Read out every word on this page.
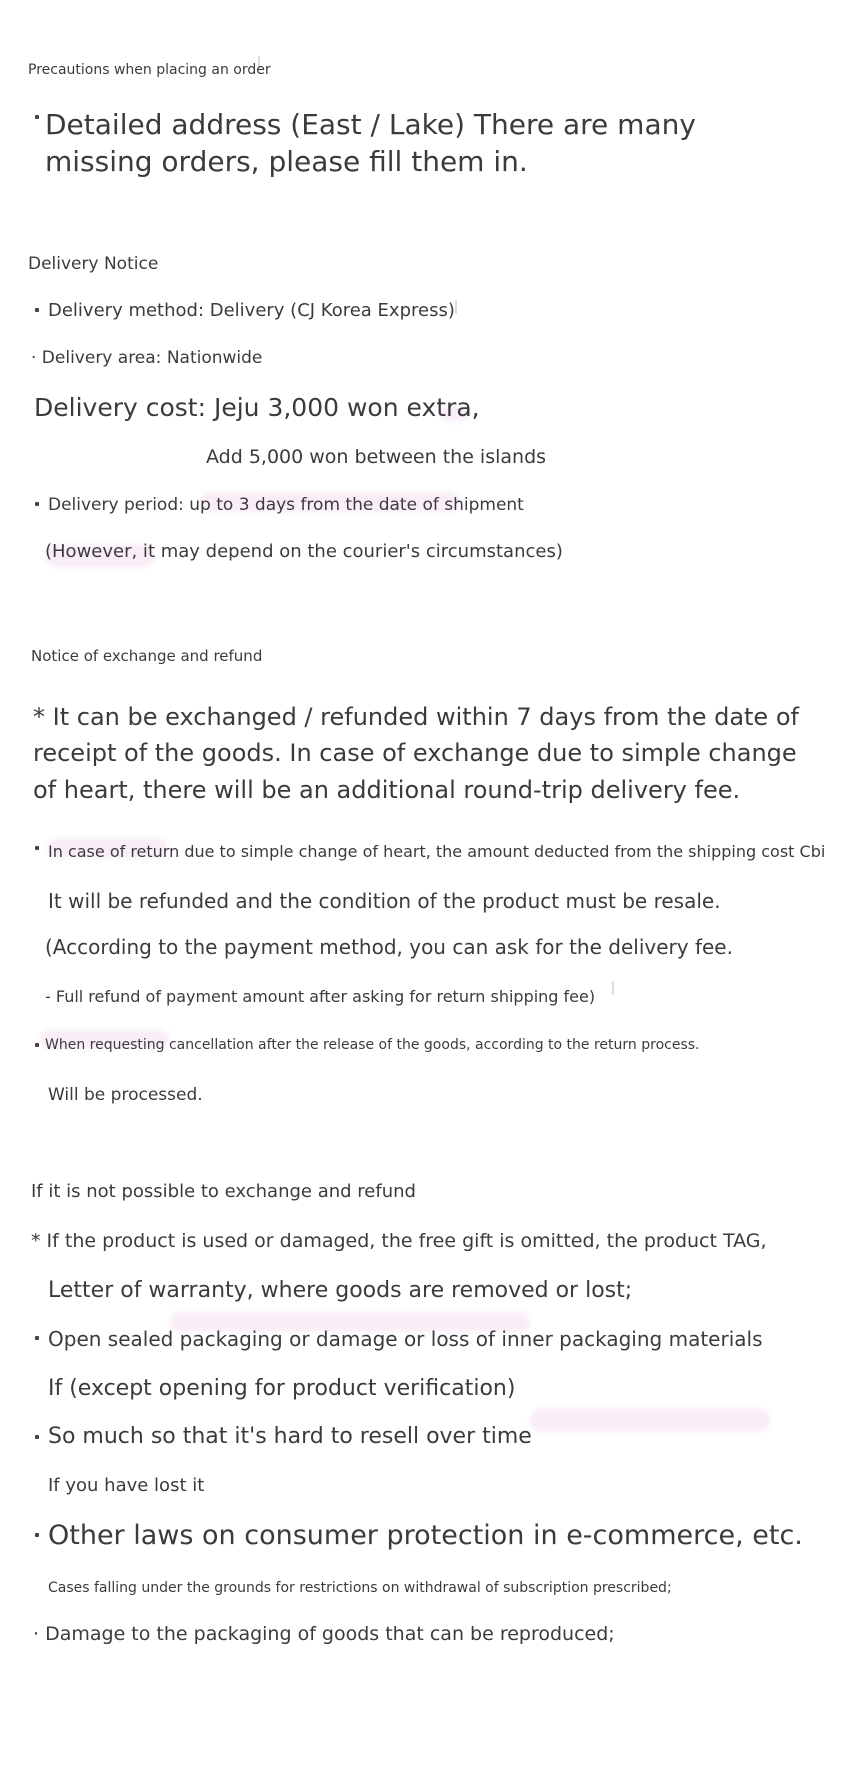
Precautions when placing an order
Detailed address (East / Lake) There are many
missing orders, please fill them in.
Delivery Notice
Delivery method: Delivery (CJ Korea Express)
· Delivery area: Nationwide
Delivery cost: Jeju 3,000 won extra,
Add 5,000 won between the islands
Delivery period: up to 3 days from the date of shipment
(However, it may depend on the courier's circumstances)
Notice of exchange and refund
* It can be exchanged / refunded within 7 days from the date of
receipt of the goods. In case of exchange due to simple change
of heart, there will be an additional round-trip delivery fee.
In case of return due to simple change of heart, the amount deducted from the shipping cost Cbi
It will be refunded and the condition of the product must be resale.
(According to the payment method, you can ask for the delivery fee.
- Full refund of payment amount after asking for return shipping fee)
When requesting cancellation after the release of the goods, according to the return process.
Will be processed.
If it is not possible to exchange and refund
* If the product is used or damaged, the free gift is omitted, the product TAG,
Letter of warranty, where goods are removed or lost;
Open sealed packaging or damage or loss of inner packaging materials
If (except opening for product verification)
So much so that it's hard to resell over time
If you have lost it
Other laws on consumer protection in e-commerce, etc.
Cases falling under the grounds for restrictions on withdrawal of subscription prescribed;
· Damage to the packaging of goods that can be reproduced;
